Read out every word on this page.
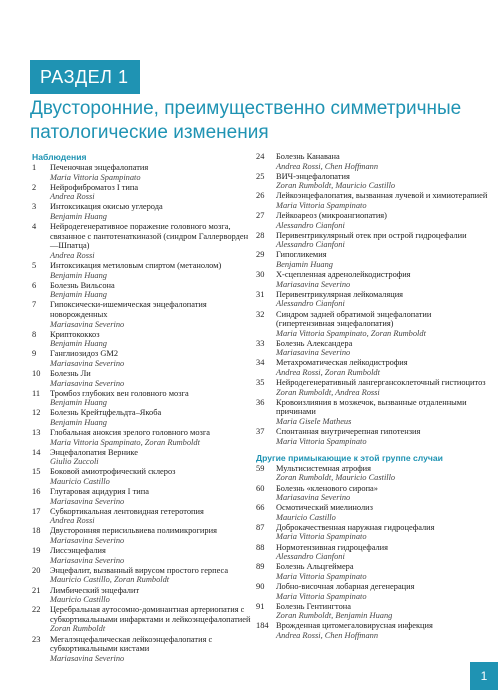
РАЗДЕЛ 1
Двусторонние, преимущественно симметричные патологические изменения
Наблюдения
1	Печеночная энцефалопатия
Maria Vittoria Spampinato
2	Нейрофиброматоз I типа
Andrea Rossi
3	Интоксикация окисью углерода
Benjamin Huang
4	Нейродегенеративное поражение головного мозга, связанное с пантотенаткиназой (синдром Галлерворден—Шпатца)
Andrea Rossi
5	Интоксикация метиловым спиртом (метанолом)
Benjamin Huang
6	Болезнь Вильсона
Benjamin Huang
7	Гипоксически-ишемическая энцефалопатия новорожденных
Mariasavina Severino
8	Криптококкоз
Benjamin Huang
9	Ганглиозидоз GM2
Mariasavina Severino
10	Болезнь Ли
Mariasavina Severino
11	Тромбоз глубоких вен головного мозга
Benjamin Huang
12	Болезнь Крейтцфельдта–Якоба
Benjamin Huang
13	Глобальная аноксия зрелого головного мозга
Maria Vittoria Spampinato, Zoran Rumboldt
14	Энцефалопатия Вернике
Giulio Zuccoli
15	Боковой амиотрофический склероз
Mauricio Castillo
16	Глутаровая ацидурия I типа
Mariasavina Severino
17	Субкортикальная лентовидная гетеротопия
Andrea Rossi
18	Двусторонняя перисильвиева полимикрогирия
Mariasavina Severino
19	Лиссэнцефалия
Mariasavina Severino
20	Энцефалит, вызванный вирусом простого герпеса
Mauricio Castillo, Zoran Rumboldt
21	Лимбический энцефалит
Mauricio Castillo
22	Церебральная аутосомно-доминантная артериопатия с субкортикальными инфарктами и лейкоэнцефалопатией
Zoran Rumboldt
23	Мегалэнцефалическая лейкоэнцефалопатия с субкортикальными кистами
Mariasavina Severino
24	Болезнь Канавана
Andrea Rossi, Chen Hoffmann
25	ВИЧ-энцефалопатия
Zoran Rumboldt, Mauricio Castillo
26	Лейкоэнцефалопатия, вызванная лучевой и химиотерапией
Maria Vittoria Spampinato
27	Лейкоареоз (микроангиопатия)
Alessandro Cianfoni
28	Перивентрикулярный отек при острой гидроцефалии
Alessandro Cianfoni
29	Гипогликемия
Benjamin Huang
30	Х-сцепленная адренолейкодистрофия
Mariasavina Severino
31	Перивентрикулярная лейкомаляция
Alessandro Cianfoni
32	Синдром задней обратимой энцефалопатии (гипертензивная энцефалопатия)
Maria Vittoria Spampinato, Zoran Rumboldt
33	Болезнь Александера
Mariasavina Severino
34	Метахроматическая лейкодистрофия
Andrea Rossi, Zoran Rumboldt
35	Нейродегенеративный лангергансоклеточный гистиоцитоз
Zoran Rumboldt, Andrea Rossi
36	Кровоизлияния в мозжечок, вызванные отдаленными причинами
Maria Gisele Matheus
37	Спонтанная внутричерепная гипотензия
Maria Vittoria Spampinato
Другие примыкающие к этой группе случаи
59	Мультисистемная атрофия
Zoran Rumboldt, Mauricio Castillo
60	Болезнь «кленового сиропа»
Mariasavina Severino
66	Осмотический миелинолиз
Mauricio Castillo
87	Доброкачественная наружная гидроцефалия
Maria Vittoria Spampinato
88	Нормотензивная гидроцефалия
Alessandro Cianfoni
89	Болезнь Альцгеймера
Maria Vittoria Spampinato
90	Лобно-височная лобарная дегенерация
Maria Vittoria Spampinato
91	Болезнь Гентингтона
Zoran Rumboldt, Benjamin Huang
184 Врожденная цитомегаловирусная инфекция
Andrea Rossi, Chen Hoffmann
1
